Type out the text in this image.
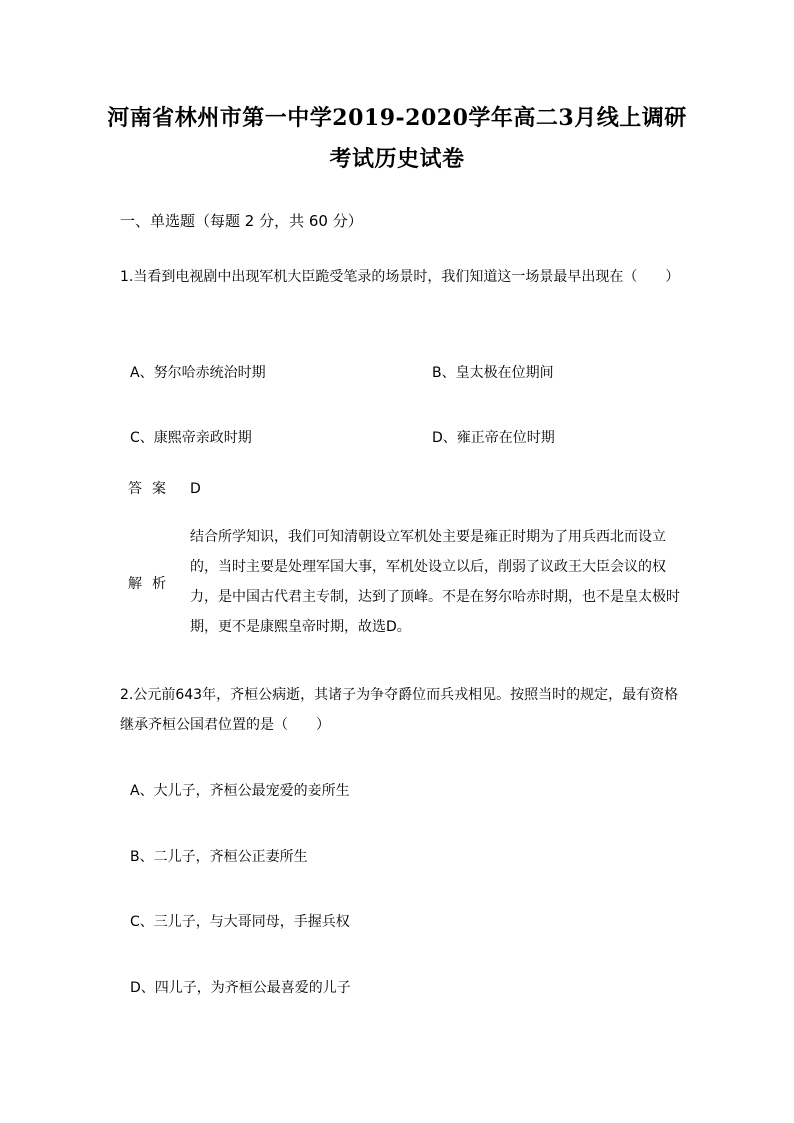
河南省林州市第一中学2019-2020学年高二3月线上调研
考试历史试卷
一、单选题（每题 2 分，共 60 分）
1.当看到电视剧中出现军机大臣跪受笔录的场景时，我们知道这一场景最早出现在（　　）
A、努尔哈赤统治时期	B、皇太极在位期间
C、康熙帝亲政时期	D、雍正帝在位时期
答案 D
解析
结合所学知识，我们可知清朝设立军机处主要是雍正时期为了用兵西北而设立的，当时主要是处理军国大事，军机处设立以后，削弱了议政王大臣会议的权力，是中国古代君主专制，达到了顶峰。不是在努尔哈赤时期，也不是皇太极时期，更不是康熙皇帝时期，故选D。
2.公元前643年，齐桓公病逝，其诸子为争夺爵位而兵戎相见。按照当时的规定，最有资格继承齐桓公国君位置的是（　　）
A、大儿子，齐桓公最宠爱的妾所生
B、二儿子，齐桓公正妻所生
C、三儿子，与大哥同母，手握兵权
D、四儿子，为齐桓公最喜爱的儿子
